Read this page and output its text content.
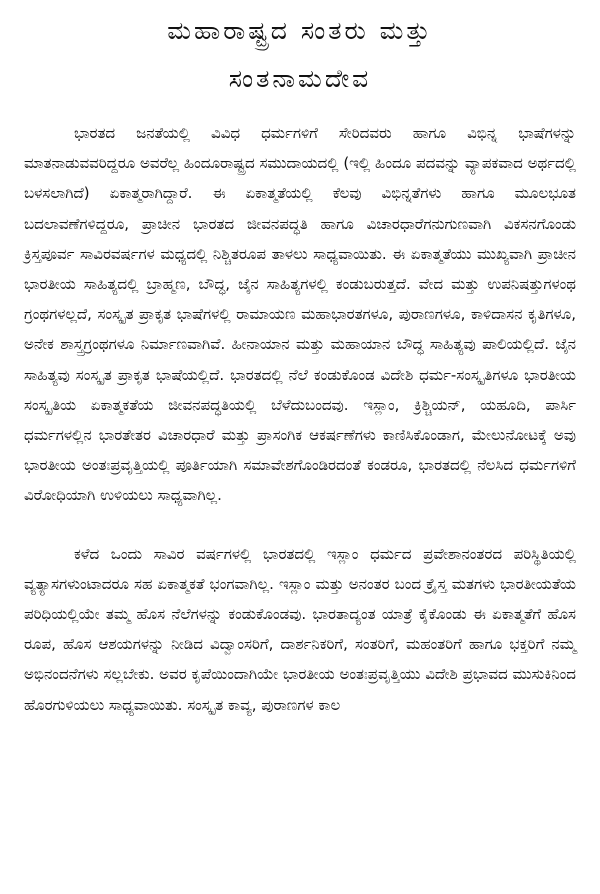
ಮಹಾರಾಷ್ಟ್ರದ ಸಂತರು ಮತ್ತು
ಸಂತನಾಮದೇವ

ಭಾರತದ ಜನತೆಯಲ್ಲಿ ವಿವಿಧ ಧರ್ಮಗಳಿಗೆ ಸೇರಿದವರು ಹಾಗೂ ವಿಭಿನ್ನ ಭಾಷೆಗಳನ್ನು ಮಾತನಾಡುವವರಿದ್ದರೂ ಅವರೆಲ್ಲ ಹಿಂದೂರಾಷ್ಟ್ರದ ಸಮುದಾಯದಲ್ಲಿ (ಇಲ್ಲಿ ಹಿಂದೂ ಪದವನ್ನು ವ್ಯಾಪಕವಾದ ಅರ್ಥದಲ್ಲಿ ಬಳಸಲಾಗಿದೆ) ಏಕಾತ್ಮರಾಗಿದ್ದಾರೆ. ಈ ಏಕಾತ್ಮತೆಯಲ್ಲಿ ಕೆಲವು ವಿಭಿನ್ನತೆಗಳು ಹಾಗೂ ಮೂಲಭೂತ ಬದಲಾವಣೆಗಳಿದ್ದರೂ, ಪ್ರಾಚೀನ ಭಾರತದ ಜೀವನಪದ್ಧತಿ ಹಾಗೂ ವಿಚಾರಧಾರೆಗನುಗುಣವಾಗಿ ವಿಕಸನಗೊಂಡು ಕ್ರಿಸ್ತಪೂರ್ವ ಸಾವಿರವರ್ಷಗಳ ಮಧ್ಯದಲ್ಲಿ ನಿಶ್ಚಿತರೂಪ ತಾಳಲು ಸಾಧ್ಯವಾಯಿತು. ಈ ಏಕಾತ್ಮತೆಯು ಮುಖ್ಯವಾಗಿ ಪ್ರಾಚೀನ ಭಾರತೀಯ ಸಾಹಿತ್ಯದಲ್ಲಿ ಬ್ರಾಹ್ಮಣ, ಬೌದ್ಧ, ಜೈನ ಸಾಹಿತ್ಯಗಳಲ್ಲಿ ಕಂಡುಬರುತ್ತದೆ. ವೇದ ಮತ್ತು ಉಪನಿಷತ್ತುಗಳಂಥ ಗ್ರಂಥಗಳಲ್ಲದೆ, ಸಂಸ್ಕೃತ ಪ್ರಾಕೃತ ಭಾಷೆಗಳಲ್ಲಿ ರಾಮಾಯಣ ಮಹಾಭಾರತಗಳೂ, ಪುರಾಣಗಳೂ, ಕಾಳಿದಾಸನ ಕೃತಿಗಳೂ, ಅನೇಕ ಶಾಸ್ತ್ರಗ್ರಂಥಗಳೂ ನಿರ್ಮಾಣವಾಗಿವೆ. ಹೀನಾಯಾನ ಮತ್ತು ಮಹಾಯಾನ ಬೌದ್ಧ ಸಾಹಿತ್ಯವು ಪಾಲಿಯಲ್ಲಿದೆ. ಜೈನ ಸಾಹಿತ್ಯವು ಸಂಸ್ಕೃತ ಪ್ರಾಕೃತ ಭಾಷೆಯಲ್ಲಿದೆ. ಭಾರತದಲ್ಲಿ ನೆಲೆ ಕಂಡುಕೊಂಡ ವಿದೇಶಿ ಧರ್ಮ-ಸಂಸ್ಕೃತಿಗಳೂ ಭಾರತೀಯ ಸಂಸ್ಕೃತಿಯ ಏಕಾತ್ಮಕತೆಯ ಜೀವನಪದ್ಧತಿಯಲ್ಲಿ ಬೆಳೆದುಬಂದವು. ಇಸ್ಲಾಂ, ಕ್ರಿಶ್ಚಿಯನ್, ಯಹೂದಿ, ಪಾರ್ಸಿ ಧರ್ಮಗಳಲ್ಲಿನ ಭಾರತೇತರ ವಿಚಾರಧಾರೆ ಮತ್ತು ಪ್ರಾಸಂಗಿಕ ಆಕರ್ಷಣೆಗಳು ಕಾಣಿಸಿಕೊಂಡಾಗ, ಮೇಲುನೋಟಕ್ಕೆ ಅವು ಭಾರತೀಯ ಅಂತಃಪ್ರವೃತ್ತಿಯಲ್ಲಿ ಪೂರ್ತಿಯಾಗಿ ಸಮಾವೇಶಗೊಂಡಿರದಂತೆ ಕಂಡರೂ, ಭಾರತದಲ್ಲಿ ನೆಲಸಿದ ಧರ್ಮಗಳಿಗೆ ವಿರೋಧಿಯಾಗಿ ಉಳಿಯಲು ಸಾಧ್ಯವಾಗಿಲ್ಲ.

ಕಳೆದ ಒಂದು ಸಾವಿರ ವರ್ಷಗಳಲ್ಲಿ ಭಾರತದಲ್ಲಿ ಇಸ್ಲಾಂ ಧರ್ಮದ ಪ್ರವೇಶಾನಂತರದ ಪರಿಸ್ಥಿತಿಯಲ್ಲಿ ವ್ಯತ್ಯಾಸಗಳುಂಟಾದರೂ ಸಹ ಏಕಾತ್ಮಕತೆ ಭಂಗವಾಗಿಲ್ಲ. ಇಸ್ಲಾಂ ಮತ್ತು ಅನಂತರ ಬಂದ ಕ್ರೈಸ್ತ ಮತಗಳು ಭಾರತೀಯತೆಯ ಪರಿಧಿಯಲ್ಲಿಯೇ ತಮ್ಮ ಹೊಸ ನೆಲೆಗಳನ್ನು ಕಂಡುಕೊಂಡವು. ಭಾರತಾದ್ಯಂತ ಯಾತ್ರೆ ಕೈಕೊಂಡು ಈ ಏಕಾತ್ಮತೆಗೆ ಹೊಸ ರೂಪ, ಹೊಸ ಆಶಯಗಳನ್ನು ನೀಡಿದ ವಿದ್ವಾಂಸರಿಗೆ, ದಾರ್ಶನಿಕರಿಗೆ, ಸಂತರಿಗೆ, ಮಹಂತರಿಗೆ ಹಾಗೂ ಭಕ್ತರಿಗೆ ನಮ್ಮ ಅಭಿನಂದನೆಗಳು ಸಲ್ಲಬೇಕು. ಅವರ ಕೃಪೆಯಿಂದಾಗಿಯೇ ಭಾರತೀಯ ಅಂತಃಪ್ರವೃತ್ತಿಯು ವಿದೇಶಿ ಪ್ರಭಾವದ ಮುಸುಕಿನಿಂದ ಹೊರಗುಳಿಯಲು ಸಾಧ್ಯವಾಯಿತು. ಸಂಸ್ಕೃತ ಕಾವ್ಯ, ಪುರಾಣಗಳ ಕಾಲ
